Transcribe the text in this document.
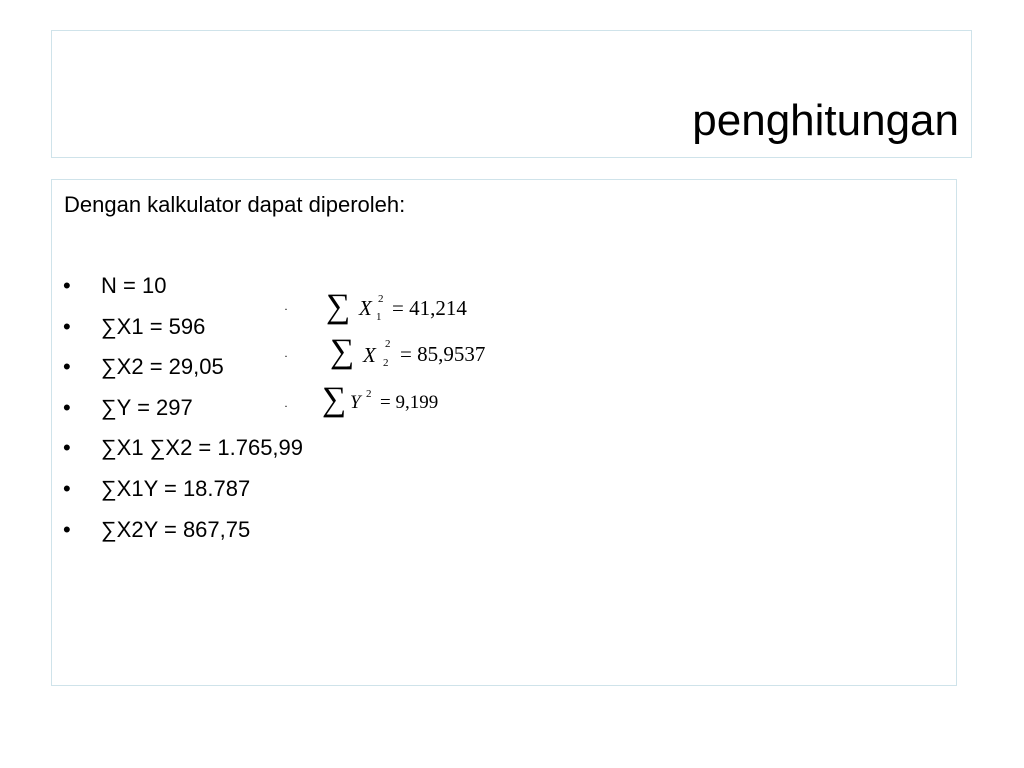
penghitungan
Dengan kalkulator dapat diperoleh:
• N = 10
• ∑X1 = 596
• ∑X2 = 29,05
• ∑Y = 297
• ∑X1 ∑X2 = 1.765,99
• ∑X1Y = 18.787
• ∑X2Y = 867,75
· ∑ X 2
1 = 41,214
· ∑ X 2
2 = 85,9537
· ∑ Y 2 = 9,199
